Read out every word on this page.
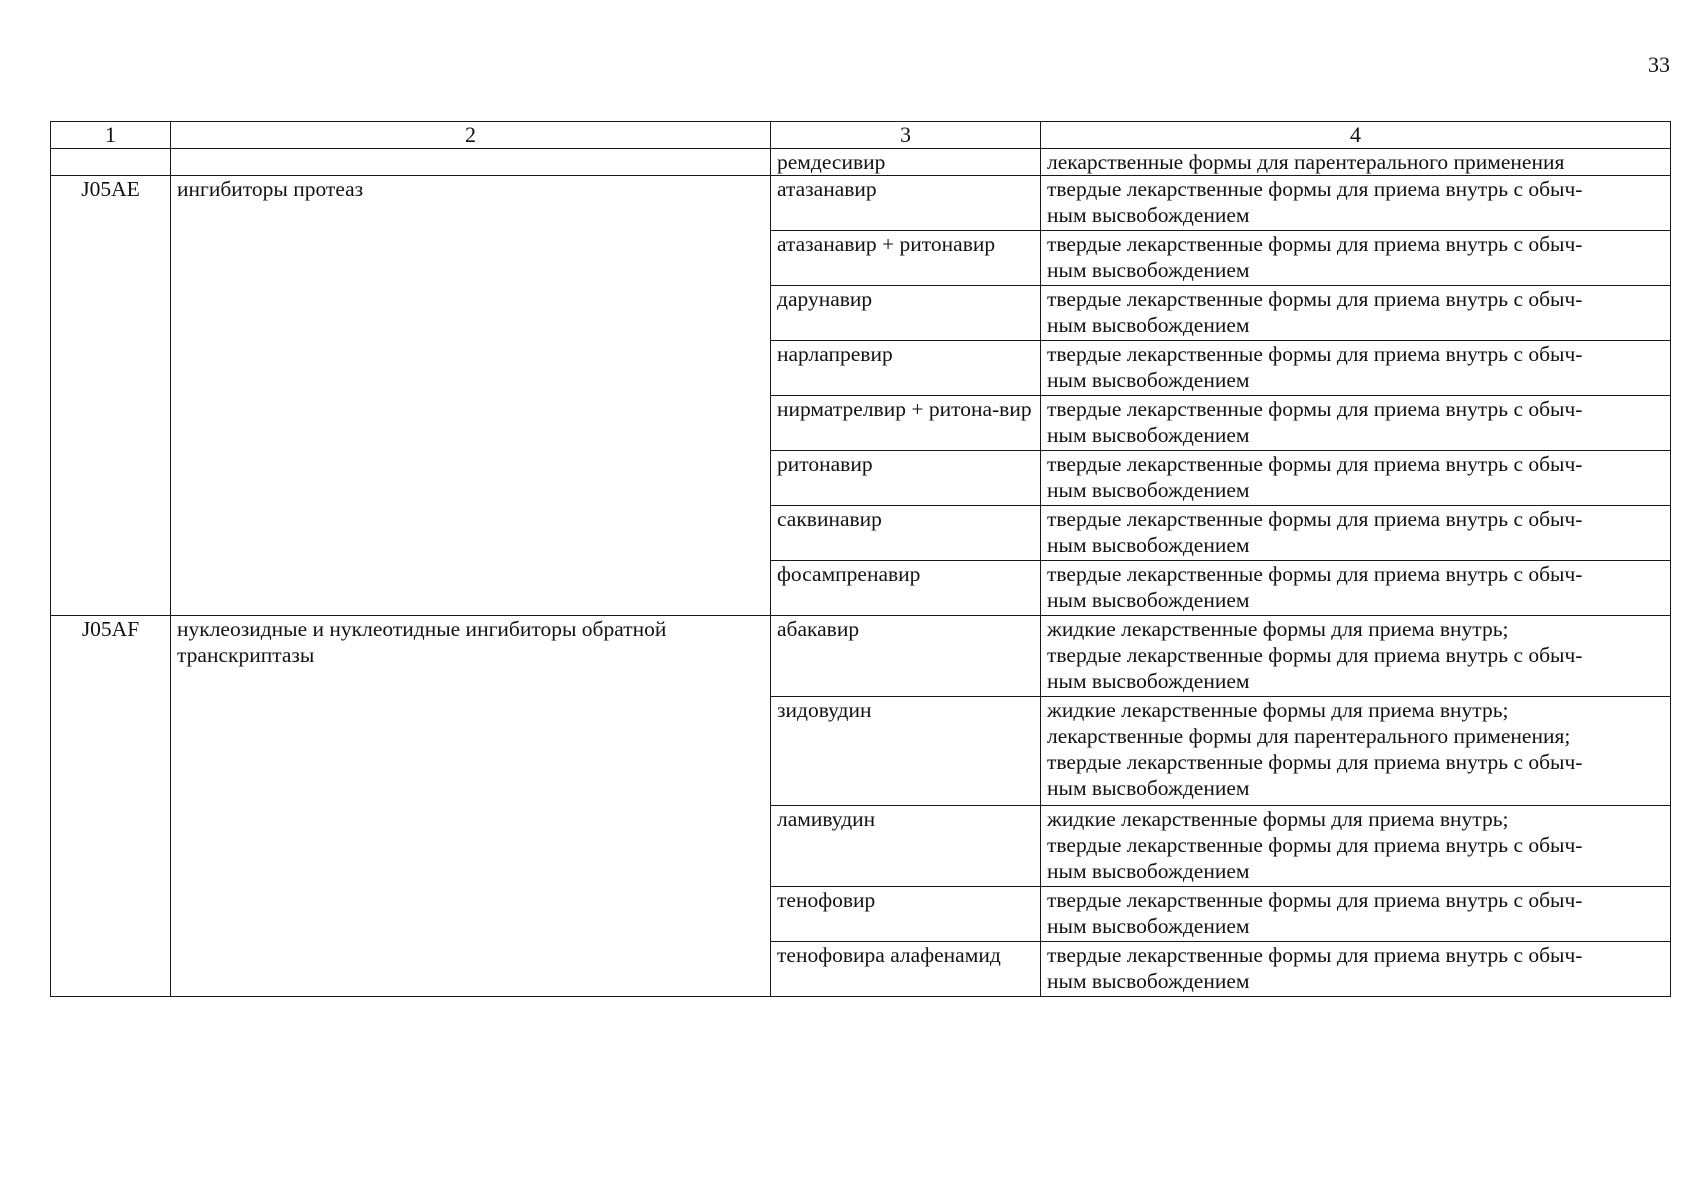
33
1	2	3	4
		ремдесивир	лекарственные формы для парентерального применения

J05AE	ингибиторы протеаз	атазанавир	твердые лекарственные формы для приема внутрь с обыч-
ным высвобождением

		атазанавир + ритонавир	твердые лекарственные формы для приема внутрь с обыч-
ным высвобождением

		дарунавир	твердые лекарственные формы для приема внутрь с обыч-
ным высвобождением

		нарлапревир	твердые лекарственные формы для приема внутрь с обыч-
ным высвобождением

		нирматрелвир + ритона-вир	твердые лекарственные формы для приема внутрь с обыч-
ным высвобождением

		ритонавир	твердые лекарственные формы для приема внутрь с обыч-
ным высвобождением

		саквинавир	твердые лекарственные формы для приема внутрь с обыч-
ным высвобождением

		фосампренавир	твердые лекарственные формы для приема внутрь с обыч-
ным высвобождением

J05AF	нуклеозидные и нуклеотидные ингибиторы обратной транскриптазы	абакавир	жидкие лекарственные формы для приема внутрь;
твердые лекарственные формы для приема внутрь с обыч-
ным высвобождением

		зидовудин	жидкие лекарственные формы для приема внутрь;
лекарственные формы для парентерального применения;
твердые лекарственные формы для приема внутрь с обыч-
ным высвобождением

		ламивудин	жидкие лекарственные формы для приема внутрь;
твердые лекарственные формы для приема внутрь с обыч-
ным высвобождением

		тенофовир	твердые лекарственные формы для приема внутрь с обыч-
ным высвобождением

		тенофовира алафенамид	твердые лекарственные формы для приема внутрь с обыч-
ным высвобождением
